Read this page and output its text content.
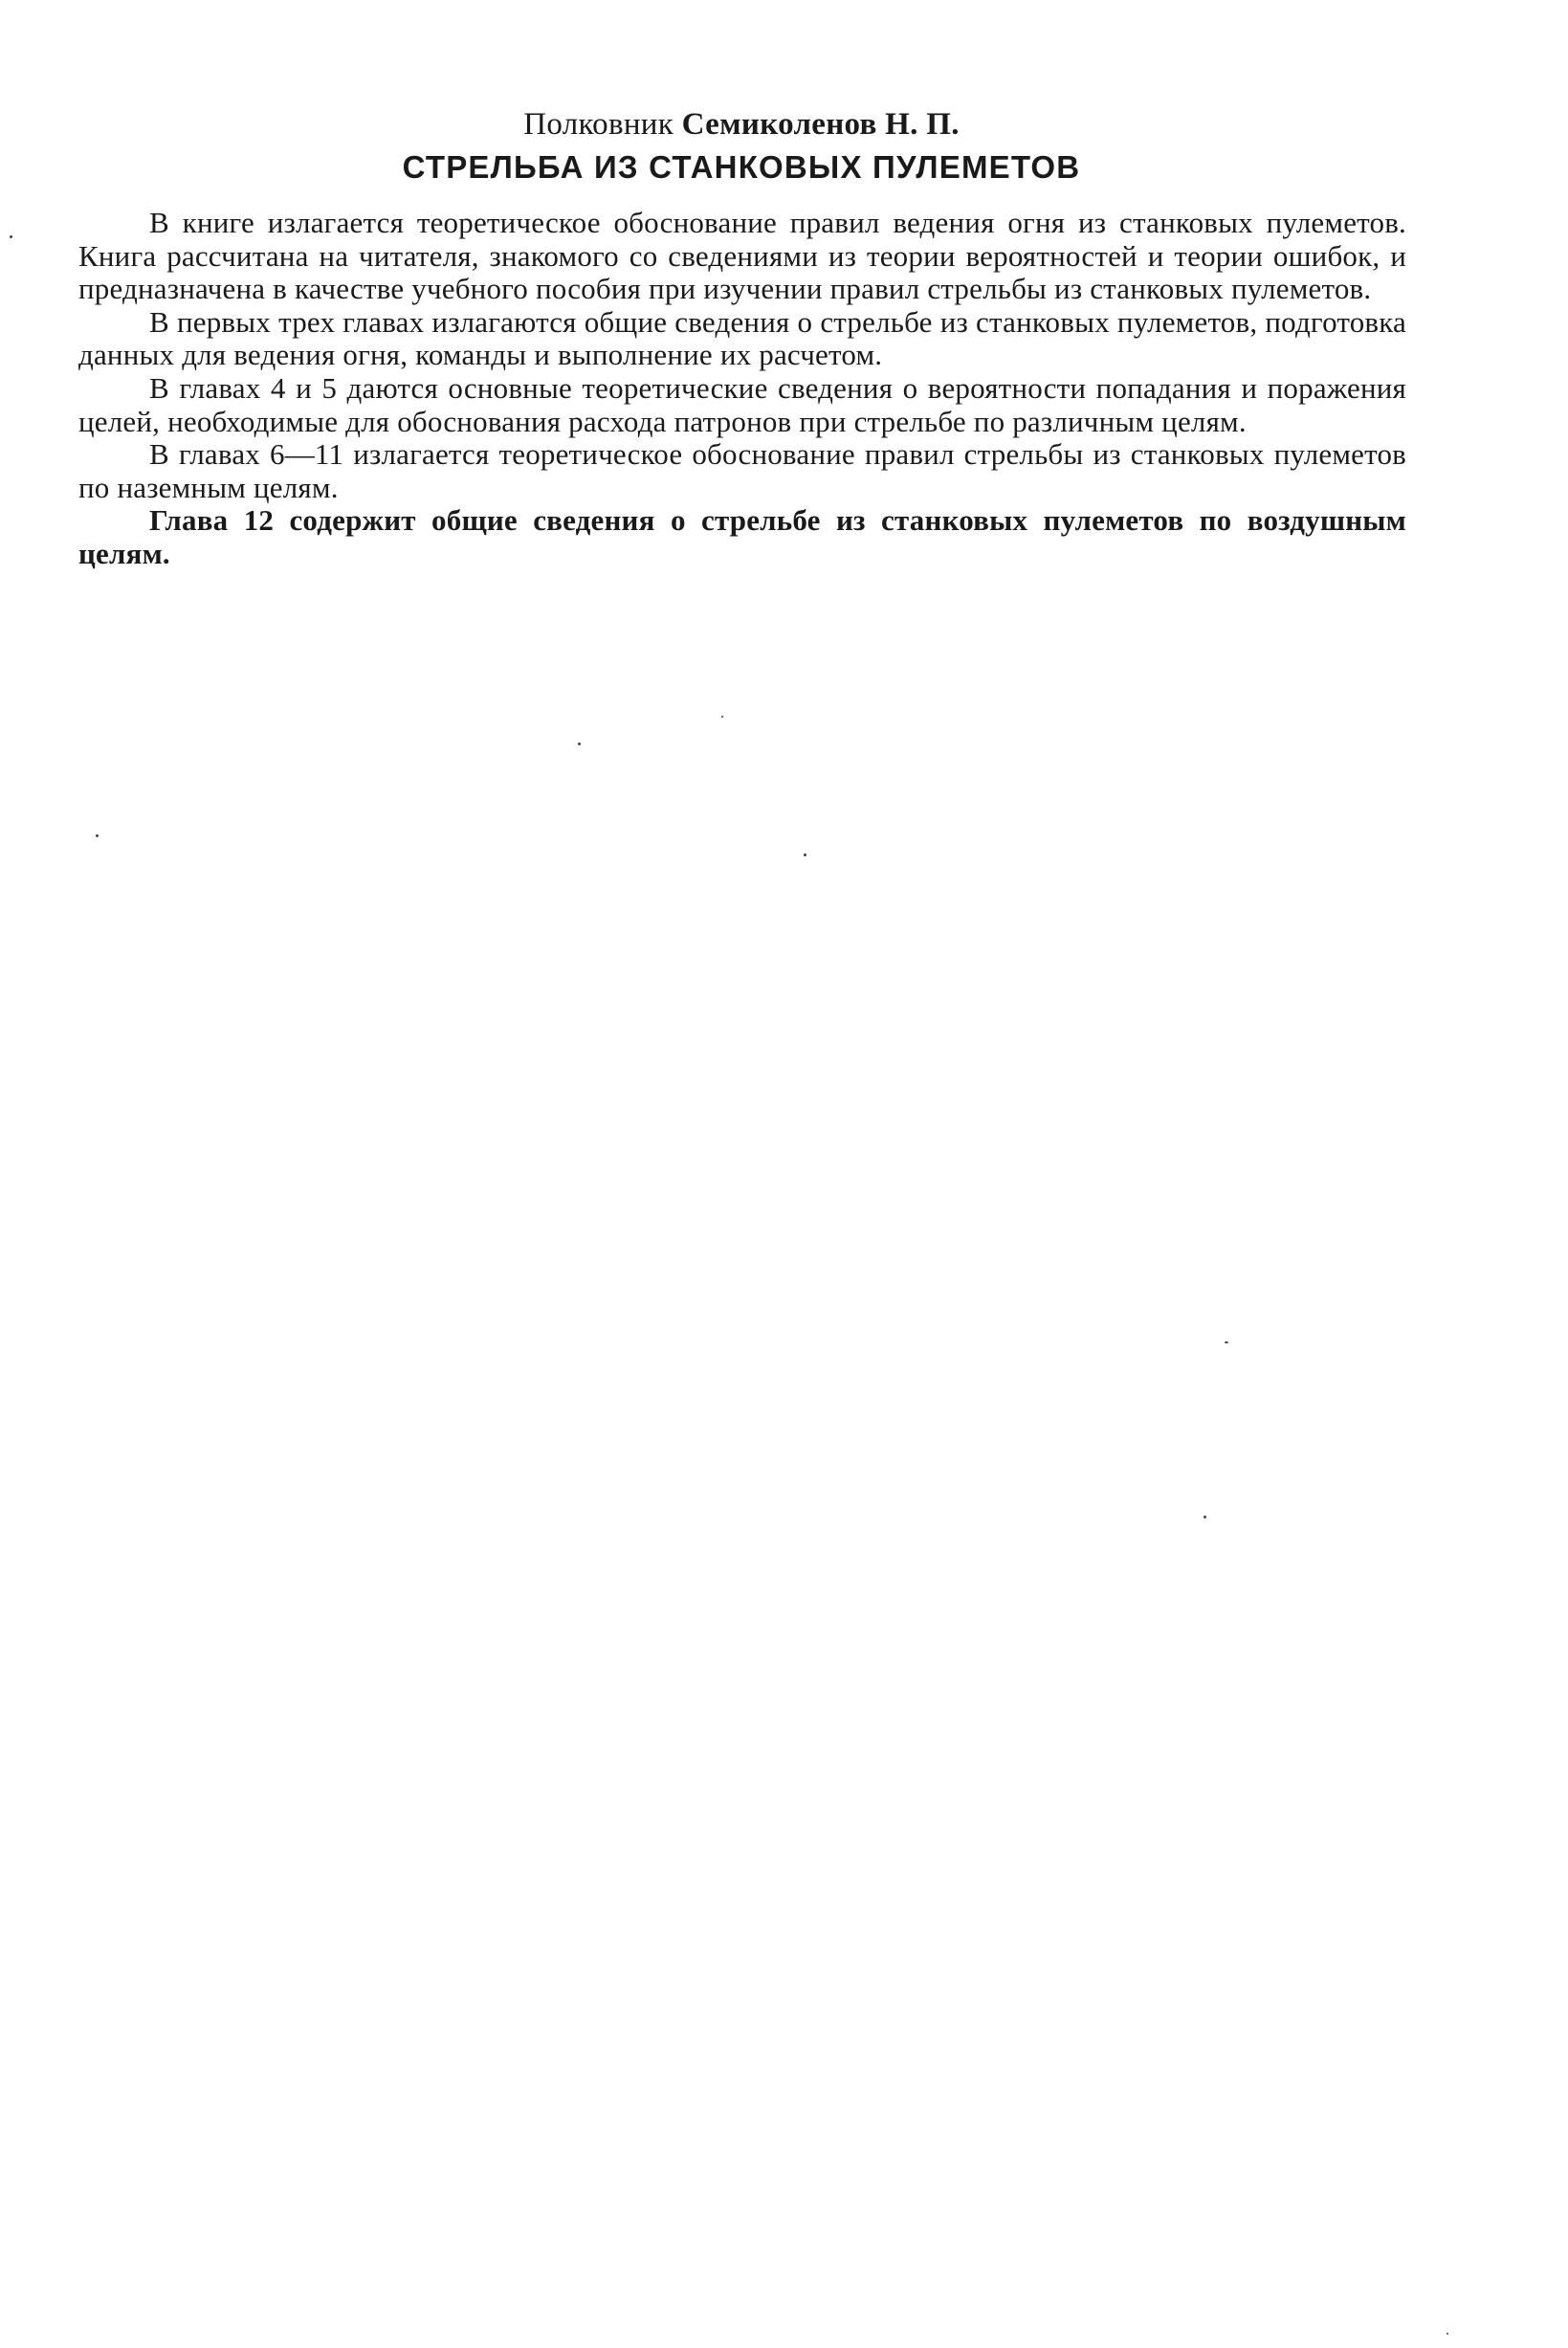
Полковник Семиколенов Н. П.
СТРЕЛЬБА ИЗ СТАНКОВЫХ ПУЛЕМЕТОВ

В книге излагается теоретическое обоснование правил ведения огня из станковых пулеметов. Книга рассчитана на читателя, знакомого со сведениями из теории вероятностей и теории ошибок, и предназначена в качестве учебного пособия при изучении правил стрельбы из станковых пулеметов.

В первых трех главах излагаются общие сведения о стрельбе из станковых пулеметов, подготовка данных для ведения огня, команды и выполнение их расчетом.

В главах 4 и 5 даются основные теоретические сведения о вероятности попадания и поражения целей, необходимые для обоснования расхода патронов при стрельбе по различным целям.

В главах 6—11 излагается теоретическое обоснование правил стрельбы из станковых пулеметов по наземным целям.

Глава 12 содержит общие сведения о стрельбе из станковых пулеметов по воздушным целям.
